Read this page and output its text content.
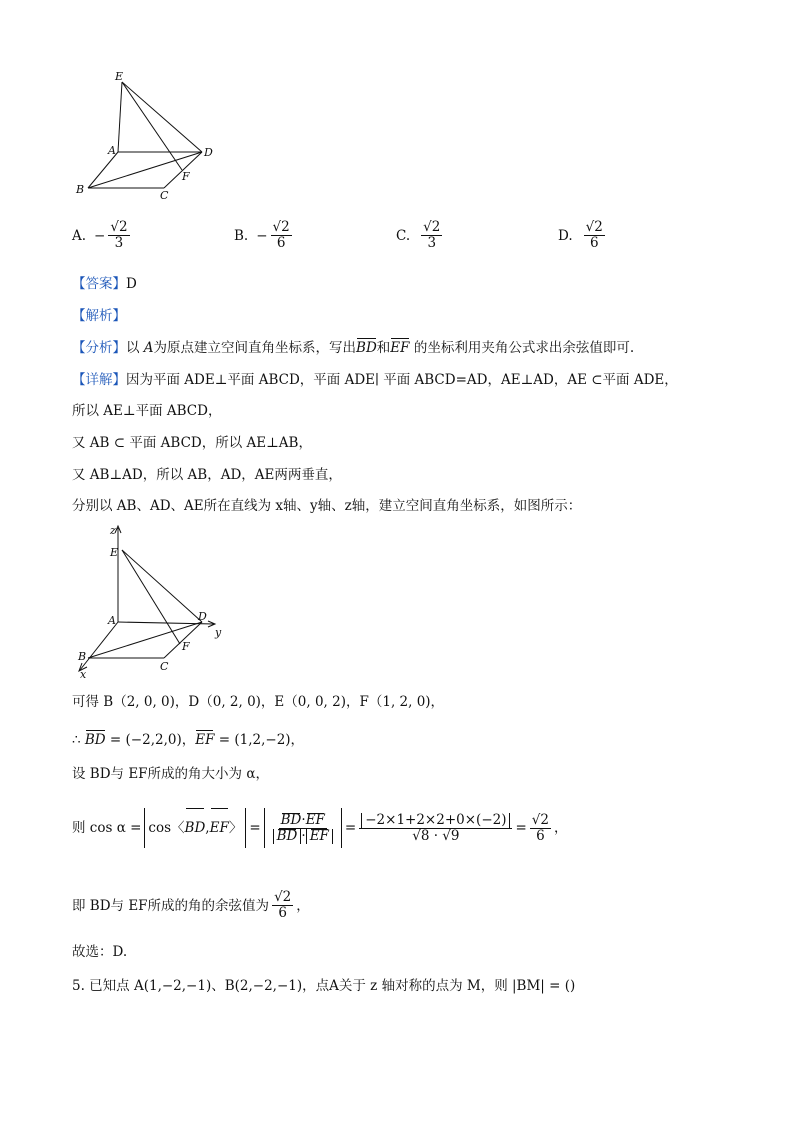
E
A	D
F
B	C
A. − $\frac{√2}{3}$	B. − $\frac{√2}{6}$	C. $\frac{√2}{3}$	D. $\frac{√2}{6}$
【答案】D
【解析】
【分析】以 A为原点建立空间直角坐标系，写出BD和EF 的坐标利用夹角公式求出余弦值即可.
【详解】因为平面 ADE⊥平面 ABCD，平面 ADE∣ 平面 ABCD=AD，AE⊥AD，AE ⊂平面 ADE，
所以 AE⊥平面 ABCD，
又 AB ⊂ 平面 ABCD，所以 AE⊥AB，
又 AB⊥AD，所以 AB，AD，AE两两垂直，
分别以 AB、AD、AE所在直线为 x轴、y轴、z轴，建立空间直角坐标系，如图所示：
z
E
A	D
y
F
B
C
x
可得 B（2, 0, 0)，D（0, 2, 0)，E（0, 0, 2)，F（1, 2, 0)，
∴ BD = (−2,2,0)，EF = (1,2,−2)，
设 BD与 EF所成的角大小为 α，
则 cos α = cos〈BD,EF〉 = $\frac{BD\cdot EF}{BD \cdot EF} = \frac{-2\times 1+2\times 2+0\times(-2)}{√8 \cdot √9} = \frac{√2}{6}$ ，
即 BD与 EF所成的角的余弦值为 $\frac{√2}{6}$ ，
故选：D.
5. 已知点 A(1,−2,−1)、B(2,−2,−1)，点A关于 z 轴对称的点为 M，则 |BM| = ()
